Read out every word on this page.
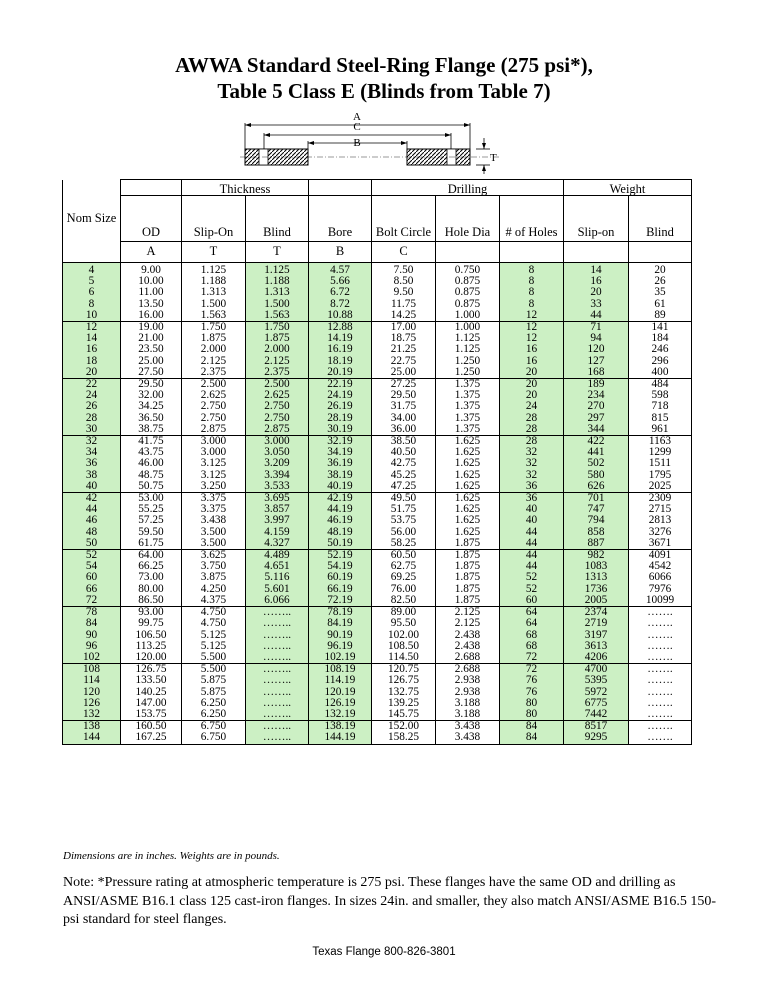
AWWA Standard Steel-Ring Flange (275 psi*),
Table 5 Class E (Blinds from Table 7)
A
C
B
T
		Thickness			Drilling			Weight	
Nom Size	OD	Slip-On	Blind	Bore	Bolt Circle	Hole Dia	# of Holes	Slip-on	Blind
	A	T	T	B	C				
4	9.00	1.125	1.125	4.57	7.50	0.750	8	14	20
5	10.00	1.188	1.188	5.66	8.50	0.875	8	16	26
6	11.00	1.313	1.313	6.72	9.50	0.875	8	20	35
8	13.50	1.500	1.500	8.72	11.75	0.875	8	33	61
10	16.00	1.563	1.563	10.88	14.25	1.000	12	44	89
12	19.00	1.750	1.750	12.88	17.00	1.000	12	71	141
14	21.00	1.875	1.875	14.19	18.75	1.125	12	94	184
16	23.50	2.000	2.000	16.19	21.25	1.125	16	120	246
18	25.00	2.125	2.125	18.19	22.75	1.250	16	127	296
20	27.50	2.375	2.375	20.19	25.00	1.250	20	168	400
22	29.50	2.500	2.500	22.19	27.25	1.375	20	189	484
24	32.00	2.625	2.625	24.19	29.50	1.375	20	234	598
26	34.25	2.750	2.750	26.19	31.75	1.375	24	270	718
28	36.50	2.750	2.750	28.19	34.00	1.375	28	297	815
30	38.75	2.875	2.875	30.19	36.00	1.375	28	344	961
32	41.75	3.000	3.000	32.19	38.50	1.625	28	422	1163
34	43.75	3.000	3.050	34.19	40.50	1.625	32	441	1299
36	46.00	3.125	3.209	36.19	42.75	1.625	32	502	1511
38	48.75	3.125	3.394	38.19	45.25	1.625	32	580	1795
40	50.75	3.250	3.533	40.19	47.25	1.625	36	626	2025
42	53.00	3.375	3.695	42.19	49.50	1.625	36	701	2309
44	55.25	3.375	3.857	44.19	51.75	1.625	40	747	2715
46	57.25	3.438	3.997	46.19	53.75	1.625	40	794	2813
48	59.50	3.500	4.159	48.19	56.00	1.625	44	858	3276
50	61.75	3.500	4.327	50.19	58.25	1.875	44	887	3671
52	64.00	3.625	4.489	52.19	60.50	1.875	44	982	4091
54	66.25	3.750	4.651	54.19	62.75	1.875	44	1083	4542
60	73.00	3.875	5.116	60.19	69.25	1.875	52	1313	6066
66	80.00	4.250	5.601	66.19	76.00	1.875	52	1736	7976
72	86.50	4.375	6.066	72.19	82.50	1.875	60	2005	10099
78	93.00	4.750	……..	78.19	89.00	2.125	64	2374	…….
84	99.75	4.750	……..	84.19	95.50	2.125	64	2719	…….
90	106.50	5.125	……..	90.19	102.00	2.438	68	3197	…….
96	113.25	5.125	……..	96.19	108.50	2.438	68	3613	…….
102	120.00	5.500	……..	102.19	114.50	2.688	72	4206	…….
108	126.75	5.500	……..	108.19	120.75	2.688	72	4700	…….
114	133.50	5.875	……..	114.19	126.75	2.938	76	5395	…….
120	140.25	5.875	……..	120.19	132.75	2.938	76	5972	…….
126	147.00	6.250	……..	126.19	139.25	3.188	80	6775	…….
132	153.75	6.250	……..	132.19	145.75	3.188	80	7442	…….
138	160.50	6.750	……..	138.19	152.00	3.438	84	8517	…….
144	167.25	6.750	……..	144.19	158.25	3.438	84	9295	…….
Dimensions are in inches. Weights are in pounds.
Note: *Pressure rating at atmospheric temperature is 275 psi. These flanges have the same OD and drilling as ANSI/ASME B16.1 class 125 cast-iron flanges. In sizes 24in. and smaller, they also match ANSI/ASME B16.5 150-psi standard for steel flanges.
Texas Flange 800-826-3801
